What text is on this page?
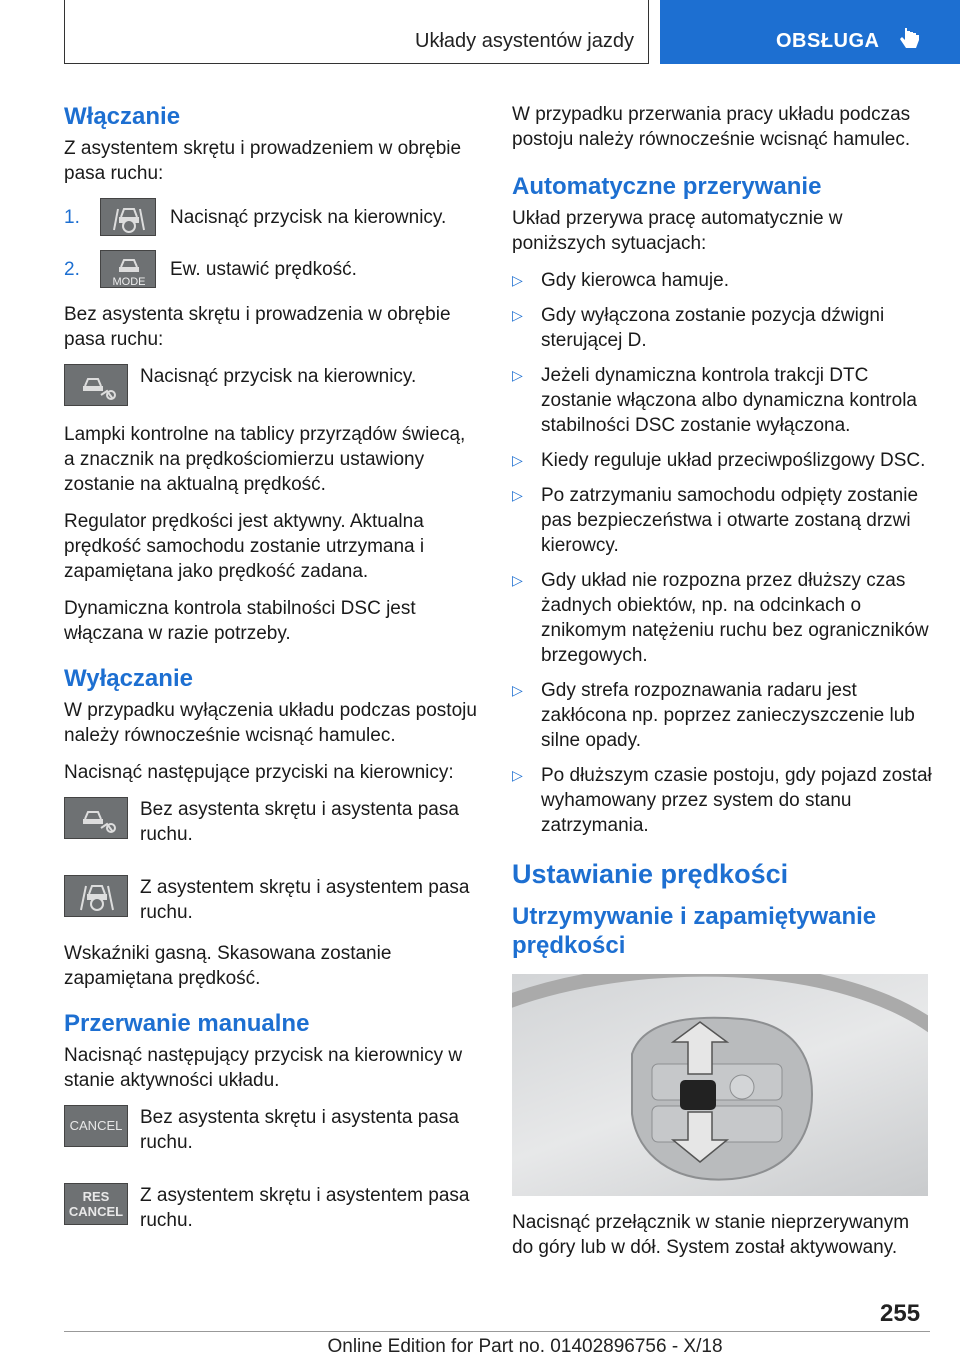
Układy asystentów jazdy	OBSŁUGA
Włączanie

Z asystentem skrętu i prowadzeniem w obrębie pasa ruchu:

1.	Nacisnąć przycisk na kierownicy.
2.
MODE
Ew. ustawić prędkość.

Bez asystenta skrętu i prowadzenia w obrębie pasa ruchu:

Nacisnąć przycisk na kierownicy.

Lampki kontrolne na tablicy przyrządów świecą, a znacznik na prędkościomierzu ustawiony zostanie na aktualną prędkość.

Regulator prędkości jest aktywny. Aktualna prędkość samochodu zostanie utrzymana i zapamiętana jako prędkość zadana.

Dynamiczna kontrola stabilności DSC jest włączana w razie potrzeby.

Wyłączanie

W przypadku wyłączenia układu podczas postoju należy równocześnie wcisnąć hamulec.

Nacisnąć następujące przyciski na kierownicy:

Bez asystenta skrętu i asystenta pasa ruchu.
Z asystentem skrętu i asystentem pasa ruchu.

Wskaźniki gasną. Skasowana zostanie zapamiętana prędkość.

Przerwanie manualne

Nacisnąć następujący przycisk na kierownicy w stanie aktywności układu.

CANCEL Bez asystenta skrętu i asystenta pasa ruchu.
RES
CANCEL
Z asystentem skrętu i asystentem pasa ruchu.

W przypadku przerwania pracy układu podczas postoju należy równocześnie wcisnąć hamulec.

Automatyczne przerywanie

Układ przerywa pracę automatycznie w poniższych sytuacjach:

▷ Gdy kierowca hamuje.
▷ Gdy wyłączona zostanie pozycja dźwigni sterującej D.
▷ Jeżeli dynamiczna kontrola trakcji DTC zostanie włączona albo dynamiczna kontrola stabilności DSC zostanie wyłączona.
▷ Kiedy reguluje układ przeciwpoślizgowy DSC.
▷ Po zatrzymaniu samochodu odpięty zostanie pas bezpieczeństwa i otwarte zostaną drzwi kierowcy.
▷ Gdy układ nie rozpozna przez dłuższy czas żadnych obiektów, np. na odcinkach o znikomym natężeniu ruchu bez ograniczników brzegowych.
▷ Gdy strefa rozpoznawania radaru jest zakłócona np. poprzez zanieczyszczenie lub silne opady.
▷ Po dłuższym czasie postoju, gdy pojazd został wyhamowany przez system do stanu zatrzymania.
Ustawianie prędkości
Utrzymywanie i zapamiętywanie prędkości

Nacisnąć przełącznik w stanie nieprzerywanym do góry lub w dół. System został aktywowany.

255
Online Edition for Part no. 01402896756 - X/18
